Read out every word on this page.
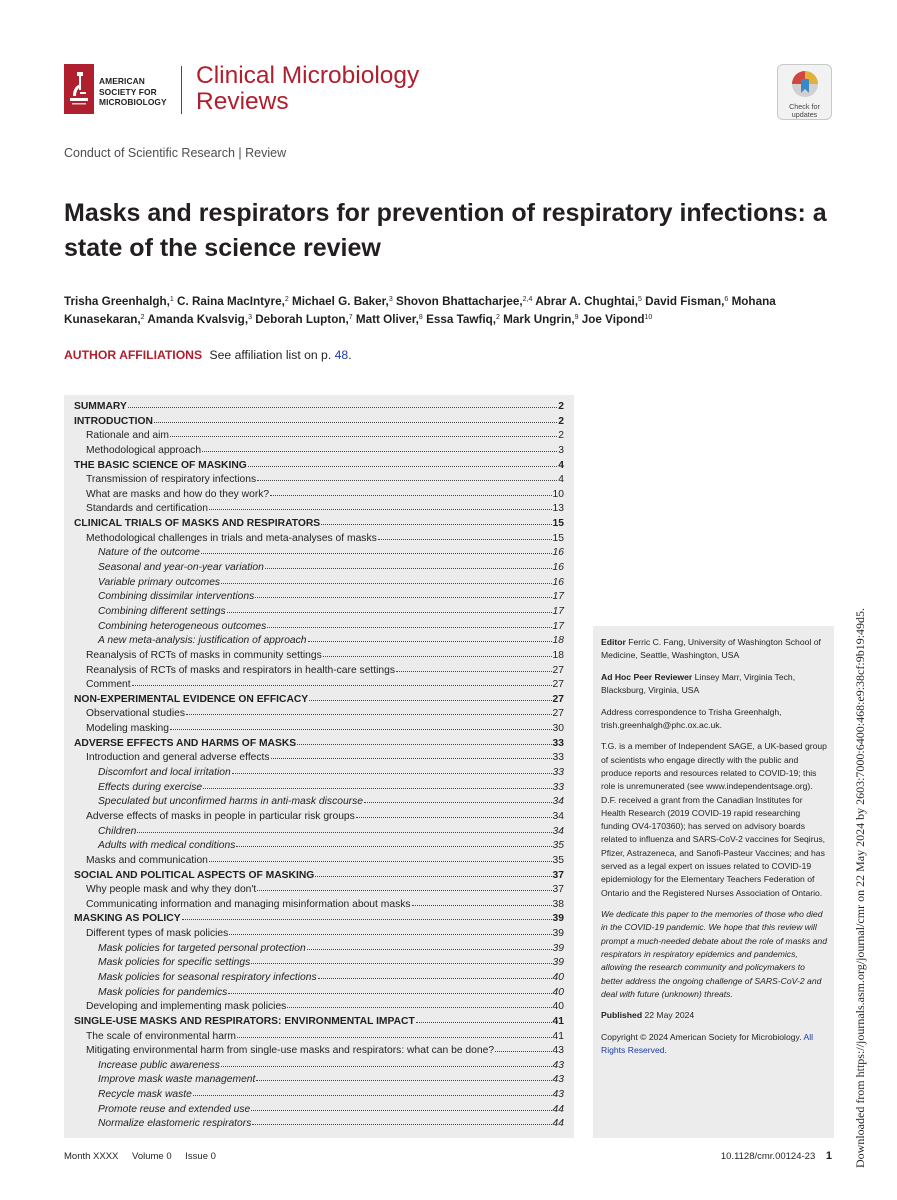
AMERICAN
SOCIETY FOR
MICROBIOLOGY
Clinical Microbiology
Reviews	Check for
updates
Conduct of Scientific Research | Review
Masks and respirators for prevention of respiratory infections: a
state of the science review
Trisha Greenhalgh,$^1$ C. Raina MacIntyre,$^2$ Michael G. Baker,$^3$ Shovon Bhattacharjee,$^{2,4}$ Abrar A. Chughtai,$^5$ David Fisman,$^6$ Mohana
Kunasekaran,$^2$ Amanda Kvalsvig,$^3$ Deborah Lupton,$^7$ Matt Oliver,$^8$ Essa Tawfiq,$^2$ Mark Ungrin,$^9$ Joe Vipond$^{10}$
AUTHOR AFFILIATIONS See affiliation list on p. 48.
SUMMARY	2
INTRODUCTION	2
Rationale and aim	2
Methodological approach	3
THE BASIC SCIENCE OF MASKING	4
Transmission of respiratory infections	4
What are masks and how do they work?	10
Standards and certification	13
CLINICAL TRIALS OF MASKS AND RESPIRATORS	15
Methodological challenges in trials and meta-analyses of masks	15
Nature of the outcome	16
Seasonal and year-on-year variation	16
Variable primary outcomes	16
Combining dissimilar interventions	17
Combining different settings	17
Combining heterogeneous outcomes	17
A new meta-analysis: justification of approach	18
Reanalysis of RCTs of masks in community settings	18
Reanalysis of RCTs of masks and respirators in health-care settings	27
Comment	27
NON-EXPERIMENTAL EVIDENCE ON EFFICACY	27
Observational studies	27
Modeling masking	30
ADVERSE EFFECTS AND HARMS OF MASKS	33
Introduction and general adverse effects	33
Discomfort and local irritation	33
Effects during exercise	33
Speculated but unconfirmed harms in anti-mask discourse	34
Adverse effects of masks in people in particular risk groups	34
Children	34
Adults with medical conditions	35
Masks and communication	35
SOCIAL AND POLITICAL ASPECTS OF MASKING	37
Why people mask and why they don't	37
Communicating information and managing misinformation about masks	38
MASKING AS POLICY	39
Different types of mask policies	39
Mask policies for targeted personal protection	39
Mask policies for specific settings	39
Mask policies for seasonal respiratory infections	40
Mask policies for pandemics	40
Developing and implementing mask policies	40
SINGLE-USE MASKS AND RESPIRATORS: ENVIRONMENTAL IMPACT	41
The scale of environmental harm	41
Mitigating environmental harm from single-use masks and respirators: what can be done?	43
Increase public awareness	43
Improve mask waste management	43
Recycle mask waste	43
Promote reuse and extended use	44
Normalize elastomeric respirators	44

Editor Ferric C. Fang, University of Washington School of Medicine, Seattle, Washington, USA

Ad Hoc Peer Reviewer Linsey Marr, Virginia Tech, Blacksburg, Virginia, USA

Address correspondence to Trisha Greenhalgh, trish.greenhalgh@phc.ox.ac.uk.

T.G. is a member of Independent SAGE, a UK-based group of scientists who engage directly with the public and produce reports and resources related to COVID-19; this role is unremunerated (see www.independentsage.org). D.F. received a grant from the Canadian Institutes for Health Research (2019 COVID-19 rapid researching funding OV4-170360); has served on advisory boards related to influenza and SARS-CoV-2 vaccines for Seqirus, Pfizer, Astrazeneca, and Sanofi-Pasteur Vaccines; and has served as a legal expert on issues related to COVID-19 epidemiology for the Elementary Teachers Federation of Ontario and the Registered Nurses Association of Ontario.

We dedicate this paper to the memories of those who died in the COVID-19 pandemic. We hope that this review will prompt a much-needed debate about the role of masks and respirators in respiratory epidemics and pandemics, allowing the research community and policymakers to better address the ongoing challenge of SARS-CoV-2 and deal with future (unknown) threats.

Published 22 May 2024

Copyright © 2024 American Society for Microbiology. All Rights Reserved.	Downloaded from https://journals.asm.org/journal/cmr on 22 May 2024 by 2603:7000:6400:468:e9:38cf:9b19:49d5.
Month XXXX Volume 0 Issue 0	10.1128/cmr.00124-23 1
